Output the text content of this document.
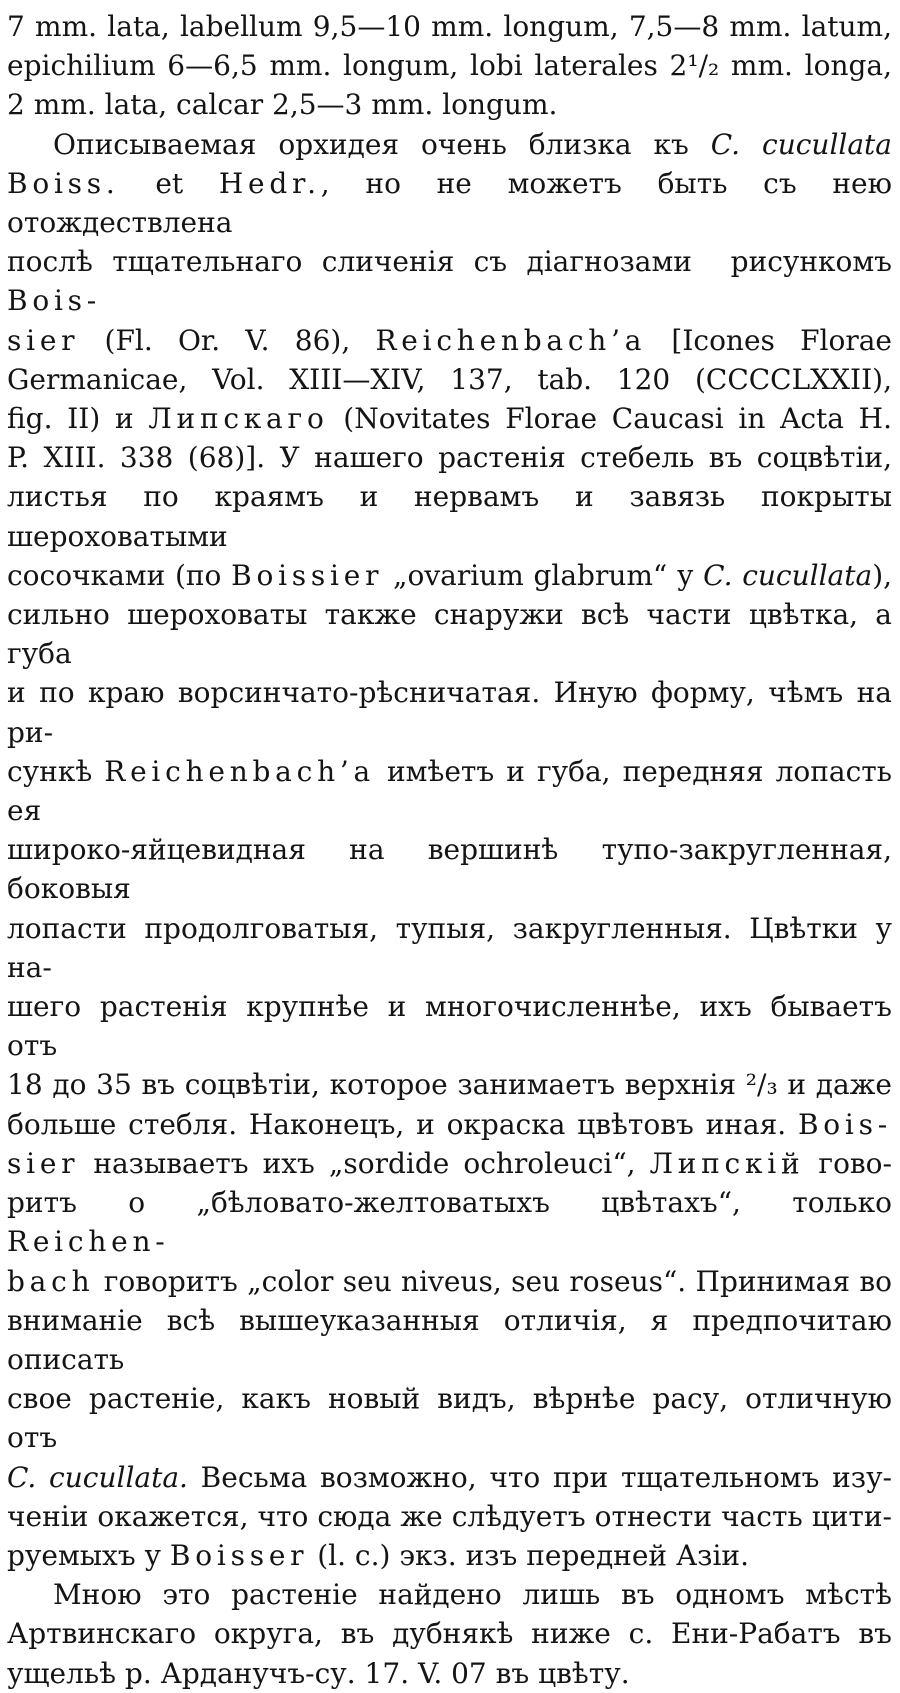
7 mm. lata, labellum 9,5—10 mm. longum, 7,5—8 mm. latum,
epichilium 6—6,5 mm. longum, lobi laterales 2¹/₂ mm. longa,
2 mm. lata, calcar 2,5—3 mm. longum.
Описываемая орхидея очень близка къ C. cucullata
Boiss. et Hedr., но не можетъ быть съ нею отождествлена
послѣ тщательнаго сличенія съ діагнозами  рисункомъ Bois-
sier (Fl. Or. V. 86), Reichenbach’a [Icones Florae
Germanicae, Vol. XIII—XIV, 137, tab. 120 (CCCCLXXII),
fig. II) и Липскаго (Novitates Florae Caucasi in Acta H.
P. XIII. 338 (68)]. У нашего растенія стебель въ соцвѣтіи,
листья по краямъ и нервамъ и завязь покрыты шероховатыми
сосочками (по Boissier „ovarium glabrum“ у C. cucullata),
сильно шероховаты также снаружи всѣ части цвѣтка, а губа
и по краю ворсинчато-рѣсничатая. Иную форму, чѣмъ на ри-
сункѣ Reichenbach’а имѣетъ и губа, передняя лопасть ея
широко-яйцевидная на вершинѣ тупо-закругленная, боковыя
лопасти продолговатыя, тупыя, закругленныя. Цвѣтки у на-
шего растенія крупнѣе и многочисленнѣе, ихъ бываетъ отъ
18 до 35 въ соцвѣтіи, которое занимаетъ верхнія ²/₃ и даже
больше стебля. Наконецъ, и окраска цвѣтовъ иная. Bois-
sier называетъ ихъ „sordide ochroleuci“, Липскій гово-
ритъ о „бѣловато-желтоватыхъ цвѣтахъ“, только Reichen-
bach говоритъ „color seu niveus, seu roseus“. Принимая во
вниманіе всѣ вышеуказанныя отличія, я предпочитаю описать
свое растеніе, какъ новый видъ, вѣрнѣе расу, отличную отъ
C. cucullata. Весьма возможно, что при тщательномъ изу-
ченіи окажется, что сюда же слѣдуетъ отнести часть цити-
руемыхъ у Boisser (l. c.) экз. изъ передней Азіи.
Мною это растеніе найдено лишь въ одномъ мѣстѣ
Артвинскаго округа, въ дубнякѣ ниже с. Ени-Рабатъ въ
ущельѣ р. Арданучъ-су. 17. V. 07 въ цвѣту.
